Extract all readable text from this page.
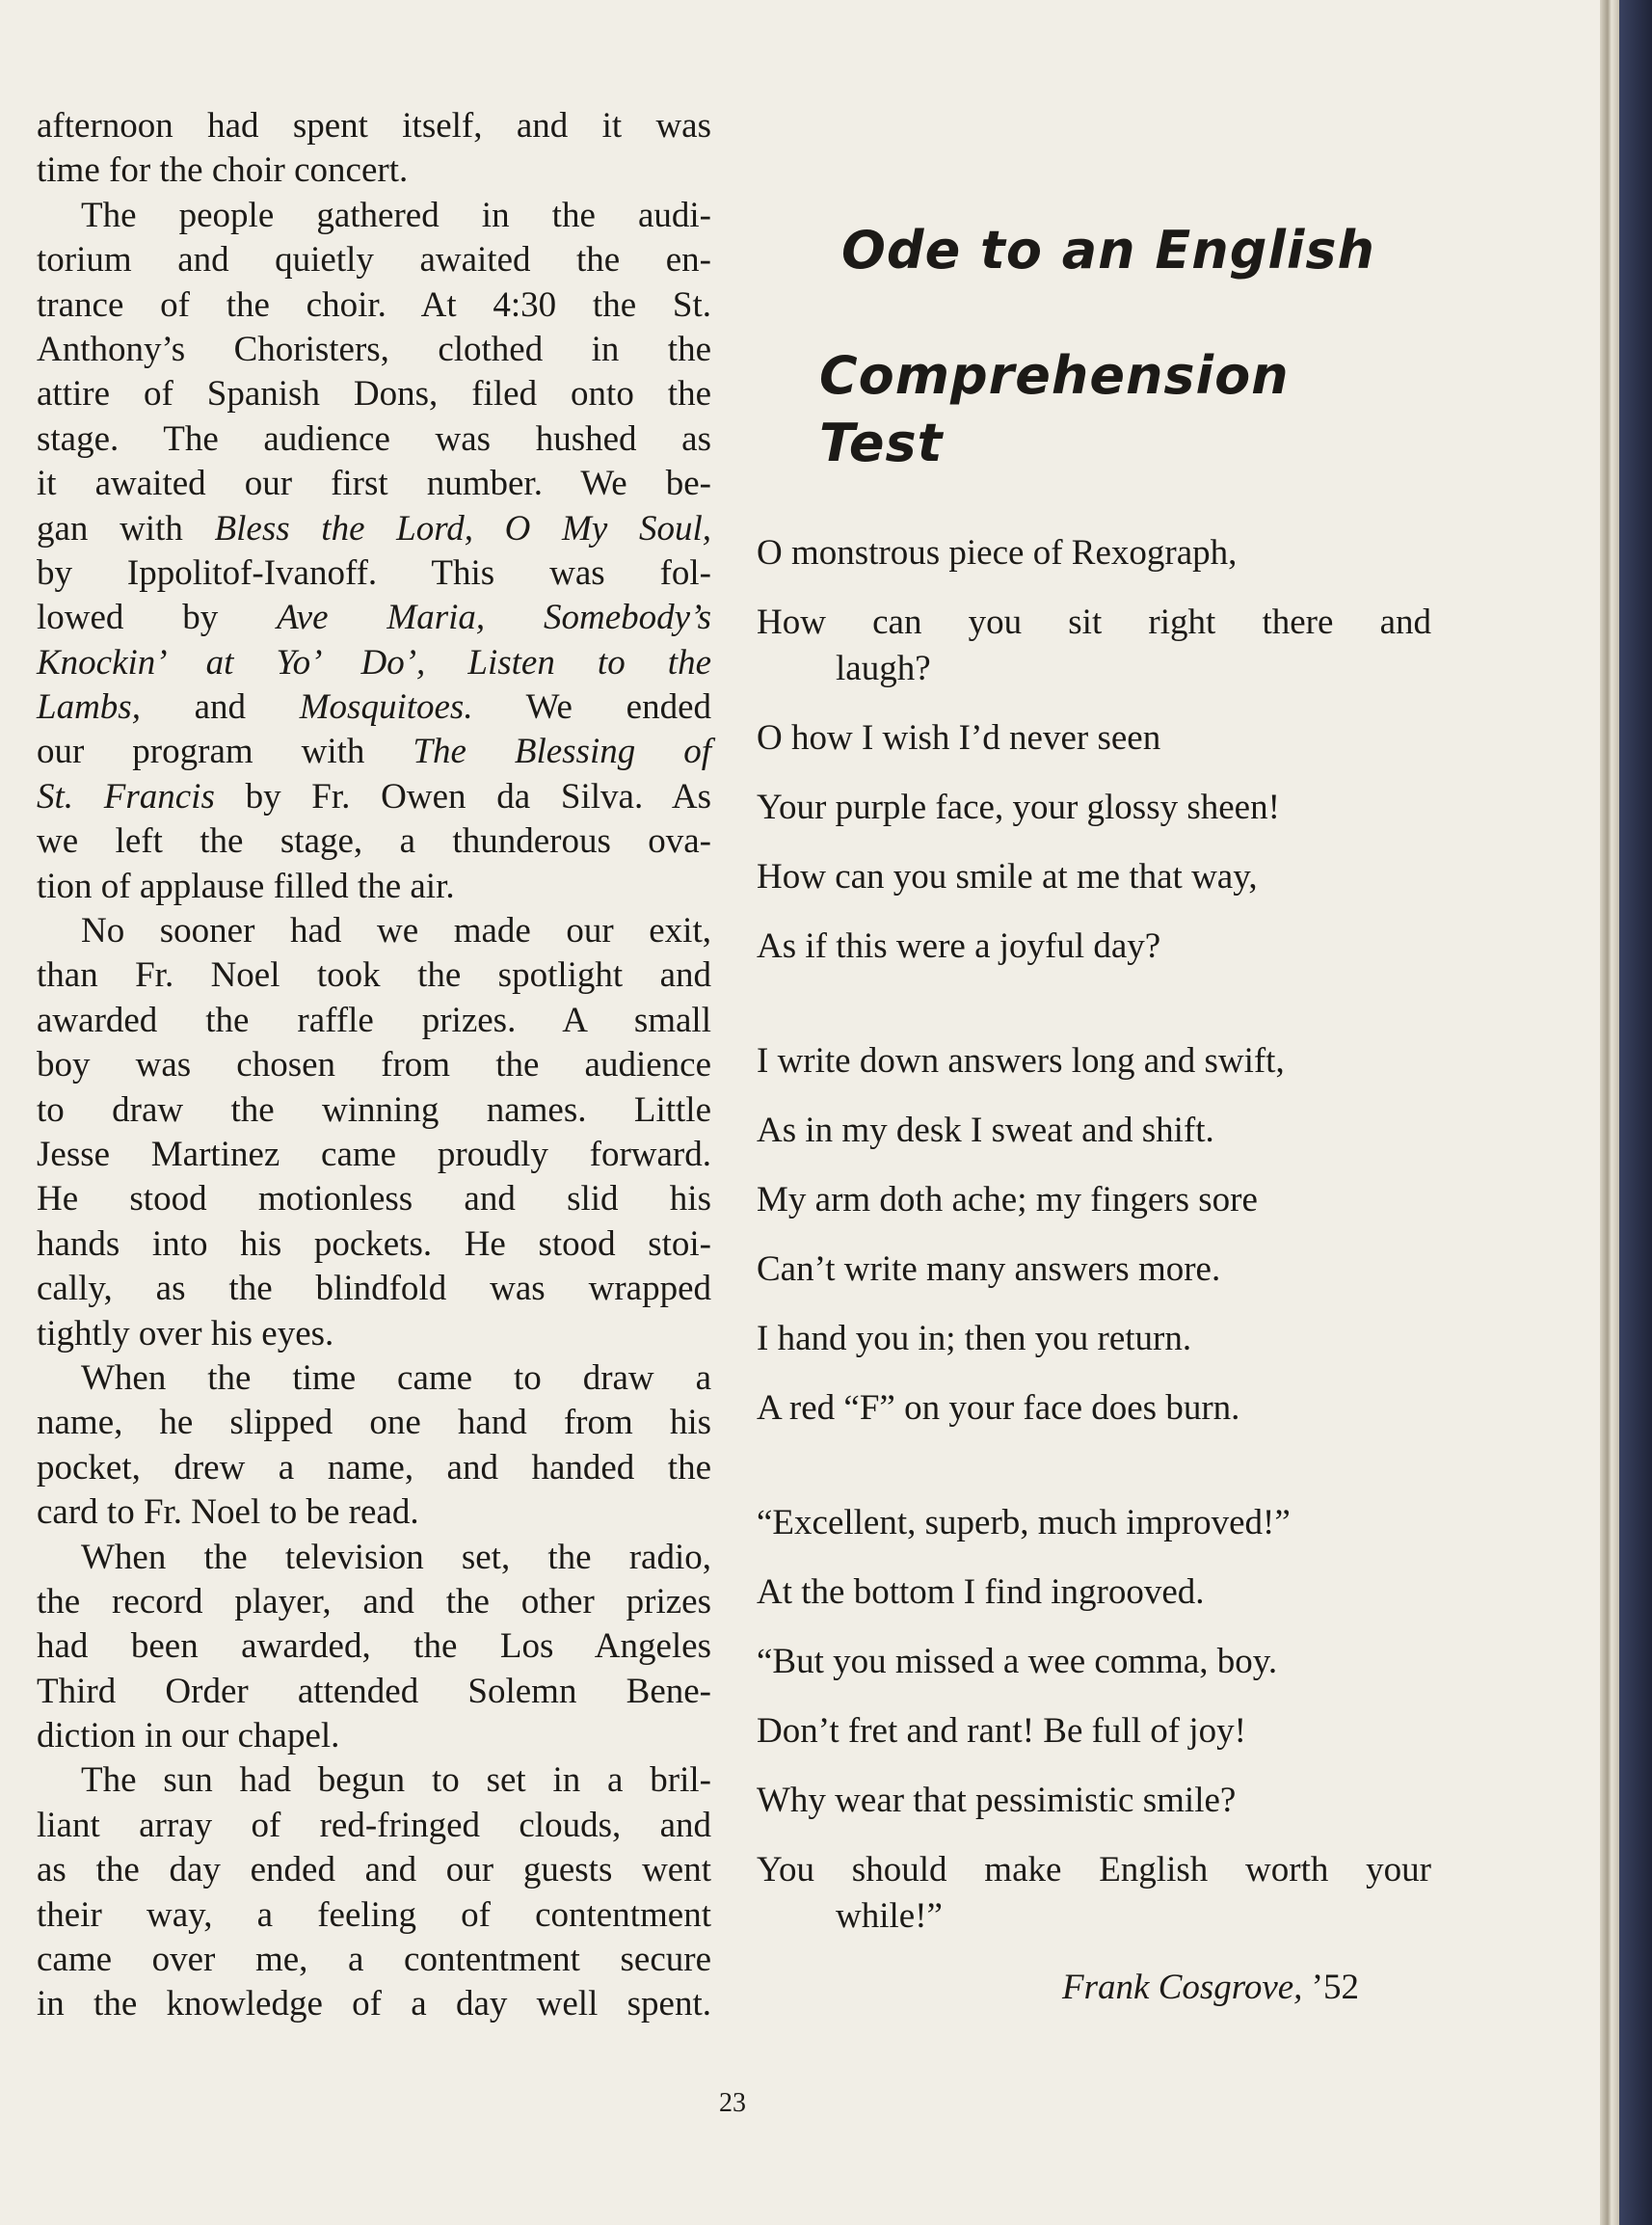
afternoon had spent itself, and it was
time for the choir concert.
The people gathered in the audi-
torium and quietly awaited the en-
trance of the choir. At 4:30 the St.
Anthony’s Choristers, clothed in the
attire of Spanish Dons, filed onto the
stage. The audience was hushed as
it awaited our first number. We be-
gan with Bless the Lord, O My Soul,
by Ippolitof-Ivanoff. This was fol-
lowed by Ave Maria, Somebody’s
Knockin’ at Yo’ Do’, Listen to the
Lambs, and Mosquitoes. We ended
our program with The Blessing of
St. Francis by Fr. Owen da Silva. As
we left the stage, a thunderous ova-
tion of applause filled the air.
No sooner had we made our exit,
than Fr. Noel took the spotlight and
awarded the raffle prizes. A small
boy was chosen from the audience
to draw the winning names. Little
Jesse Martinez came proudly forward.
He stood motionless and slid his
hands into his pockets. He stood stoi-
cally, as the blindfold was wrapped
tightly over his eyes.
When the time came to draw a
name, he slipped one hand from his
pocket, drew a name, and handed the
card to Fr. Noel to be read.
When the television set, the radio,
the record player, and the other prizes
had been awarded, the Los Angeles
Third Order attended Solemn Bene-
diction in our chapel.
The sun had begun to set in a bril-
liant array of red-fringed clouds, and
as the day ended and our guests went
their way, a feeling of contentment
came over me, a contentment secure
in the knowledge of a day well spent.
Ode to an English
Comprehension Test
O monstrous piece of Rexograph,
How can you sit right there and
laugh?
O how I wish I’d never seen
Your purple face, your glossy sheen!
How can you smile at me that way,
As if this were a joyful day?
I write down answers long and swift,
As in my desk I sweat and shift.
My arm doth ache; my fingers sore
Can’t write many answers more.
I hand you in; then you return.
A red “F” on your face does burn.
“Excellent, superb, much improved!”
At the bottom I find ingrooved.
“But you missed a wee comma, boy.
Don’t fret and rant! Be full of joy!
Why wear that pessimistic smile?
You should make English worth your
while!”
Frank Cosgrove, ’52
23
